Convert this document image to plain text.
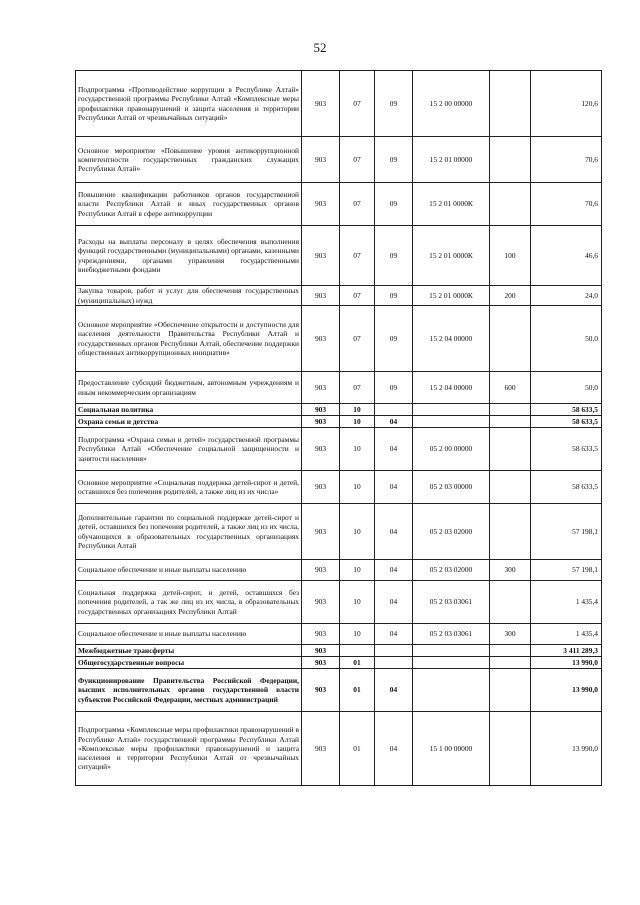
52
Подпрограмма «Противодействие коррупции в Республике Алтай» государственной программы Республики Алтай «Комплексные меры профилактики правонарушений и защита населения и территории Республики Алтай от чрезвычайных ситуаций»	903	07	09	15 2 00 00000		120,6
Основное мероприятие «Повышение уровня антикоррупционной компетентности государственных гражданских служащих Республики Алтай»	903	07	09	15 2 01 00000		70,6
Повышение квалификации работников органов государственной власти Республики Алтай и иных государственных органов Республики Алтай в сфере антикоррупции	903	07	09	15 2 01 0000К		70,6
Расходы на выплаты персоналу в целях обеспечения выполнения функций государственными (муниципальными) органами, казенными учреждениями, органами управления государственными внебюджетными фондами	903	07	09	15 2 01 0000К	100	46,6
Закупка товаров, работ и услуг для обеспечения государственных (муниципальных) нужд	903	07	09	15 2 01 0000К	200	24,0
Основное мероприятие «Обеспечение открытости и доступности для населения деятельности Правительства Республики Алтай и государственных органов Республики Алтай, обеспечение поддержки общественных антикоррупционных инициатив»	903	07	09	15 2 04 00000		50,0
Предоставление субсидий бюджетным, автономным учреждениям и иным некоммерческим организациям	903	07	09	15 2 04 00000	600	50,0
Социальная политика	903	10				58 633,5
Охрана семьи и детства	903	10	04			58 633,5
Подпрограмма «Охрана семьи и детей» государственной программы Республики Алтай «Обеспечение социальной защищенности и занятости населения»	903	10	04	05 2 00 00000		58 633,5
Основное мероприятие «Социальная поддержка детей-сирот и детей, оставшихся без попечения родителей, а также лиц из их числа»	903	10	04	05 2 03 00000		58 633,5
Дополнительные гарантии по социальной поддержке детей-сирот и детей, оставшихся без попечения родителей, а также лиц из их числа, обучающихся в образовательных государственных организациях Республики Алтай	903	10	04	05 2 03 02000		57 198,1
Социальное обеспечение и иные выплаты населению	903	10	04	05 2 03 02000	300	57 198,1
Социальная поддержка детей-сирот, и детей, оставшихся без попечения родителей, а так же лиц из их числа, в образовательных государственных организациях Республики Алтай	903	10	04	05 2 03 03061		1 435,4
Социальное обеспечение и иные выплаты населению	903	10	04	05 2 03 03061	300	1 435,4
Межбюджетные трансферты	903					3 411 289,3
Общегосударственные вопросы	903	01				13 990,0
Функционирование Правительства Российской Федерации, высших исполнительных органов государственной власти субъектов Российской Федерации, местных администраций	903	01	04			13 990,0
Подпрограмма «Комплексные меры профилактики правонарушений в Республике Алтай» государственной программы Республики Алтай «Комплексные меры профилактики правонарушений и защита населения и территории Республики Алтай от чрезвычайных ситуаций»	903	01	04	15 1 00 00000		13 990,0
